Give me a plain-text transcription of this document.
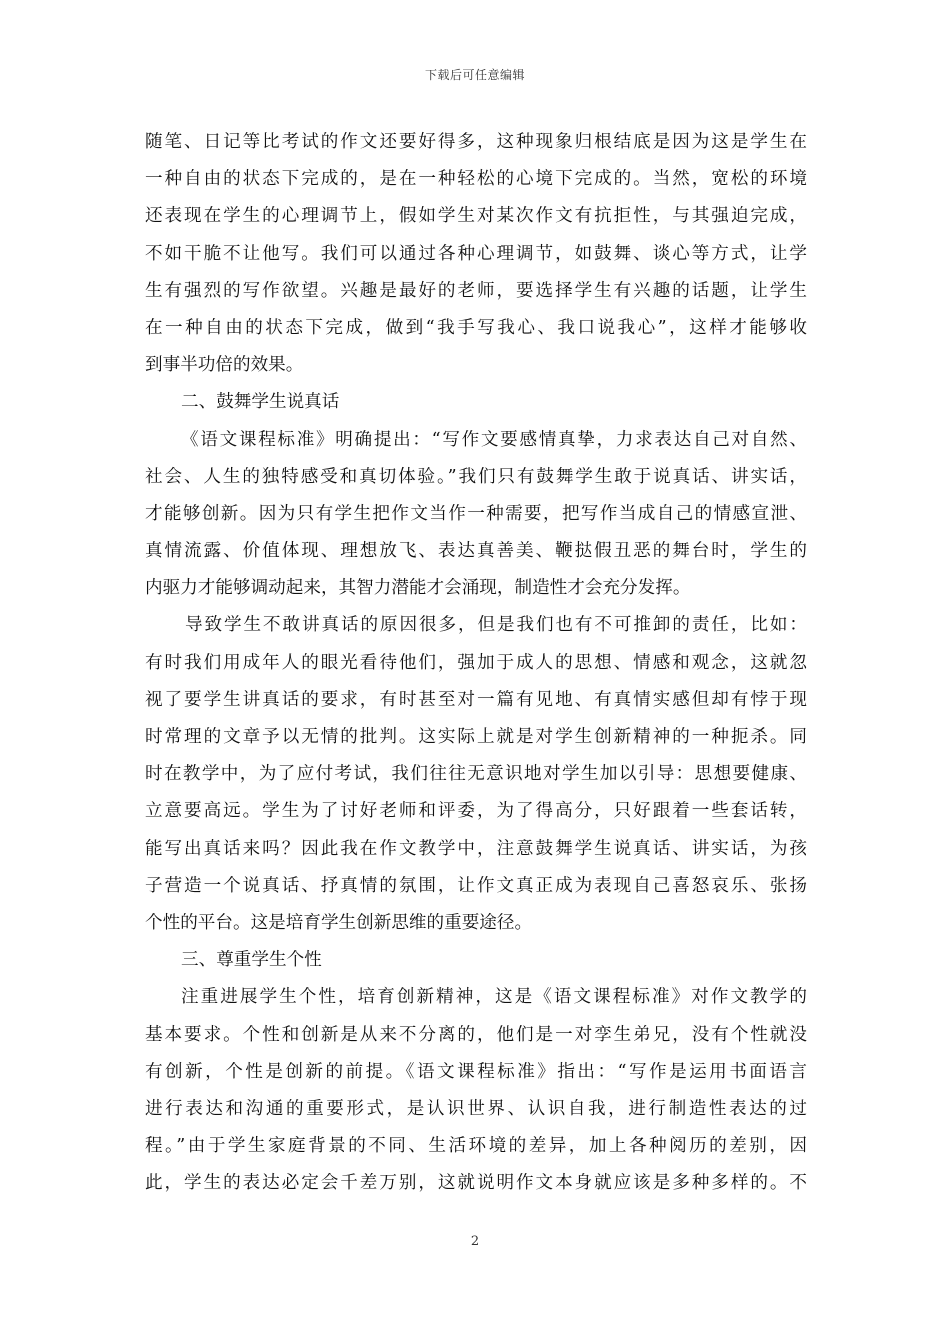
下载后可任意编辑
随笔、日记等比考试的作文还要好得多，这种现象归根结底是因为这是学生在
一种自由的状态下完成的，是在一种轻松的心境下完成的。当然，宽松的环境
还表现在学生的心理调节上，假如学生对某次作文有抗拒性，与其强迫完成，
不如干脆不让他写。我们可以通过各种心理调节，如鼓舞、谈心等方式，让学
生有强烈的写作欲望。兴趣是最好的老师，要选择学生有兴趣的话题，让学生
在一种自由的状态下完成，做到“我手写我心、我口说我心”，这样才能够收
到事半功倍的效果。
二、鼓舞学生说真话
《语文课程标准》明确提出：“写作文要感情真挚，力求表达自己对自然、
社会、人生的独特感受和真切体验。”我们只有鼓舞学生敢于说真话、讲实话，
才能够创新。因为只有学生把作文当作一种需要，把写作当成自己的情感宣泄、
真情流露、价值体现、理想放飞、表达真善美、鞭挞假丑恶的舞台时，学生的
内驱力才能够调动起来，其智力潜能才会涌现，制造性才会充分发挥。
导致学生不敢讲真话的原因很多，但是我们也有不可推卸的责任，比如：
有时我们用成年人的眼光看待他们，强加于成人的思想、情感和观念，这就忽
视了要学生讲真话的要求，有时甚至对一篇有见地、有真情实感但却有悖于现
时常理的文章予以无情的批判。这实际上就是对学生创新精神的一种扼杀。同
时在教学中，为了应付考试，我们往往无意识地对学生加以引导：思想要健康、
立意要高远。学生为了讨好老师和评委，为了得高分，只好跟着一些套话转，
能写出真话来吗？因此我在作文教学中，注意鼓舞学生说真话、讲实话，为孩
子营造一个说真话、抒真情的氛围，让作文真正成为表现自己喜怒哀乐、张扬
个性的平台。这是培育学生创新思维的重要途径。
三、尊重学生个性
注重进展学生个性，培育创新精神，这是《语文课程标准》对作文教学的
基本要求。个性和创新是从来不分离的，他们是一对孪生弟兄，没有个性就没
有创新，个性是创新的前提。《语文课程标准》指出：“写作是运用书面语言
进行表达和沟通的重要形式，是认识世界、认识自我，进行制造性表达的过
程。”由于学生家庭背景的不同、生活环境的差异，加上各种阅历的差别，因
此，学生的表达必定会千差万别，这就说明作文本身就应该是多种多样的。不
2
